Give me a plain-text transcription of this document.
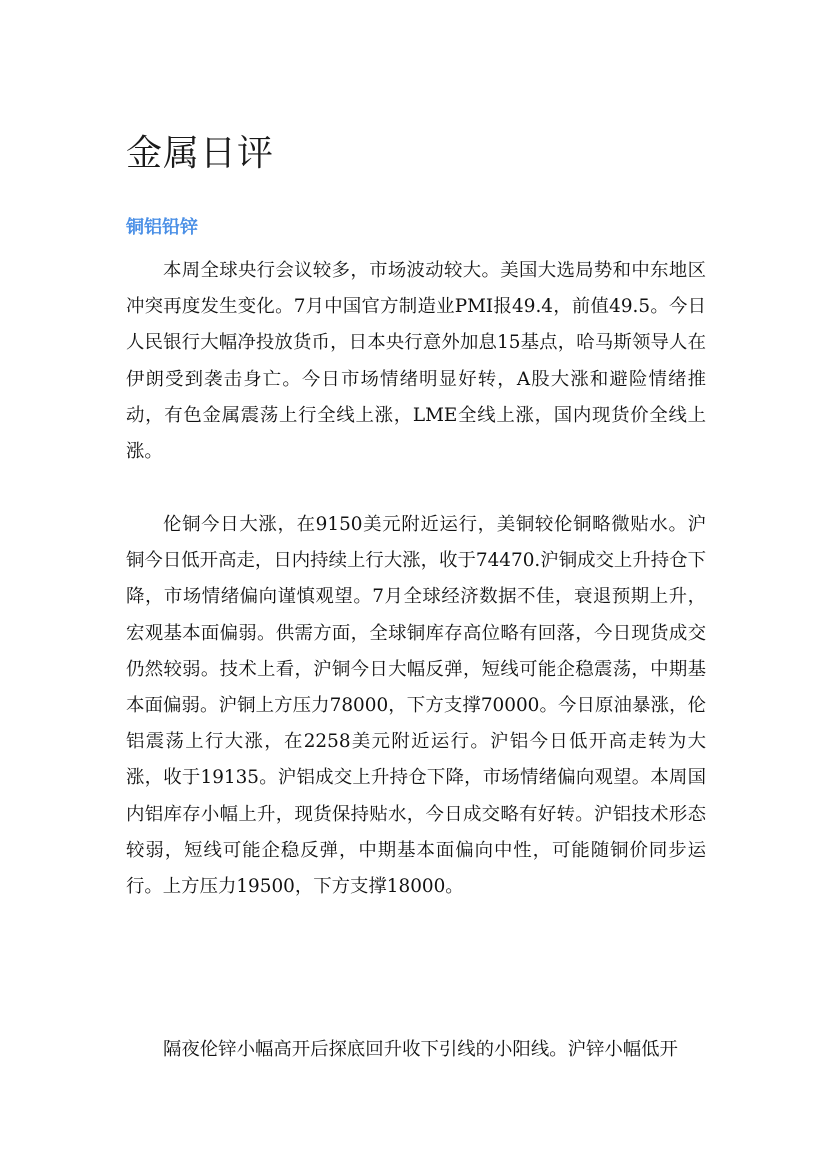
金属日评
铜铝铅锌

本周全球央行会议较多，市场波动较大。美国大选局势和中东地区冲突再度发生变化。7月中国官方制造业PMI报49.4，前值49.5。今日人民银行大幅净投放货币，日本央行意外加息15基点，哈马斯领导人在伊朗受到袭击身亡。今日市场情绪明显好转，A股大涨和避险情绪推动，有色金属震荡上行全线上涨，LME全线上涨，国内现货价全线上涨。

伦铜今日大涨，在9150美元附近运行，美铜较伦铜略微贴水。沪铜今日低开高走，日内持续上行大涨，收于74470.沪铜成交上升持仓下降，市场情绪偏向谨慎观望。7月全球经济数据不佳，衰退预期上升，宏观基本面偏弱。供需方面，全球铜库存高位略有回落，今日现货成交仍然较弱。技术上看，沪铜今日大幅反弹，短线可能企稳震荡，中期基本面偏弱。沪铜上方压力78000，下方支撑70000。今日原油暴涨，伦铝震荡上行大涨，在2258美元附近运行。沪铝今日低开高走转为大涨，收于19135。沪铝成交上升持仓下降，市场情绪偏向观望。本周国内铝库存小幅上升，现货保持贴水，今日成交略有好转。沪铝技术形态较弱，短线可能企稳反弹，中期基本面偏向中性，可能随铜价同步运行。上方压力19500，下方支撑18000。

隔夜伦锌小幅高开后探底回升收下引线的小阳线。沪锌小幅低开
